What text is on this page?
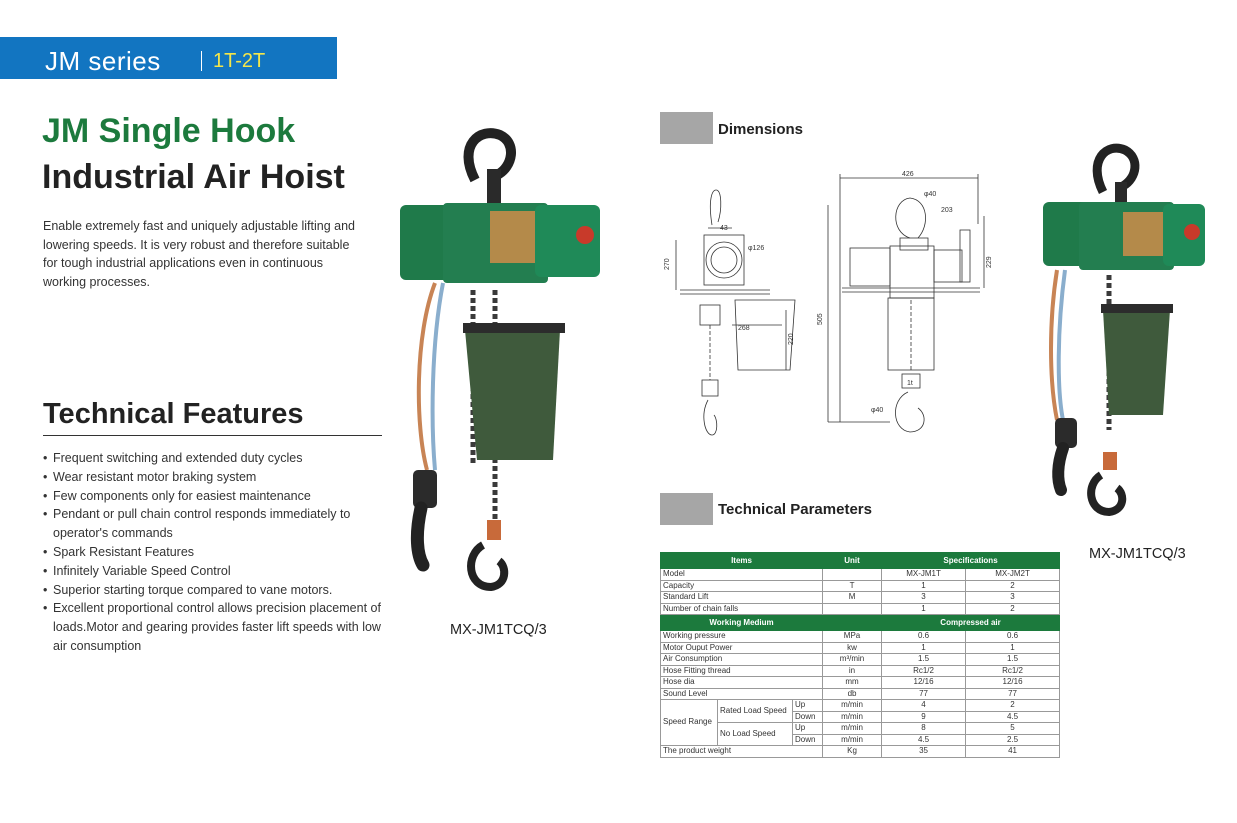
JM series	1T-2T
JM Single Hook
Industrial Air Hoist
Enable extremely fast and uniquely adjustable lifting and lowering speeds. It is very robust and therefore suitable for tough industrial applications even in continuous working processes.
Technical Features
• Frequent switching and extended duty cycles
• Wear resistant motor braking system
• Few components only for easiest maintenance
• Pendant or pull chain control responds immediately to operator's commands
• Spark Resistant Features
• Infinitely Variable Speed Control
• Superior starting torque compared to vane motors.
• Excellent proportional control allows precision placement of loads.Motor and gearing provides faster lift speeds with low air consumption
MX-JM1TCQ/3
Dimensions
43
φ126
270
268
220
426
φ40
203
229
505
φ40
1t
MX-JM1TCQ/3
Technical Parameters
Items			Unit	Specifications	
Model				MX-JM1T	MX-JM2T
Capacity			T	1	2
Standard Lift			M	3	3
Number of chain falls				1	2
Working Medium				Compressed air	
Working pressure			MPa	0.6	0.6
Motor Ouput Power			kw	1	1
Air Consumption			m³/min	1.5	1.5
Hose Fitting thread			in	Rc1/2	Rc1/2
Hose dia			mm	12/16	12/16
Sound Level			db	77	77
Speed Range	Rated Load Speed	Up	m/min	4	2
		Down	m/min	9	4.5
	No Load Speed	Up	m/min	8	5
		Down	m/min	4.5	2.5
The product weight			Kg	35	41
